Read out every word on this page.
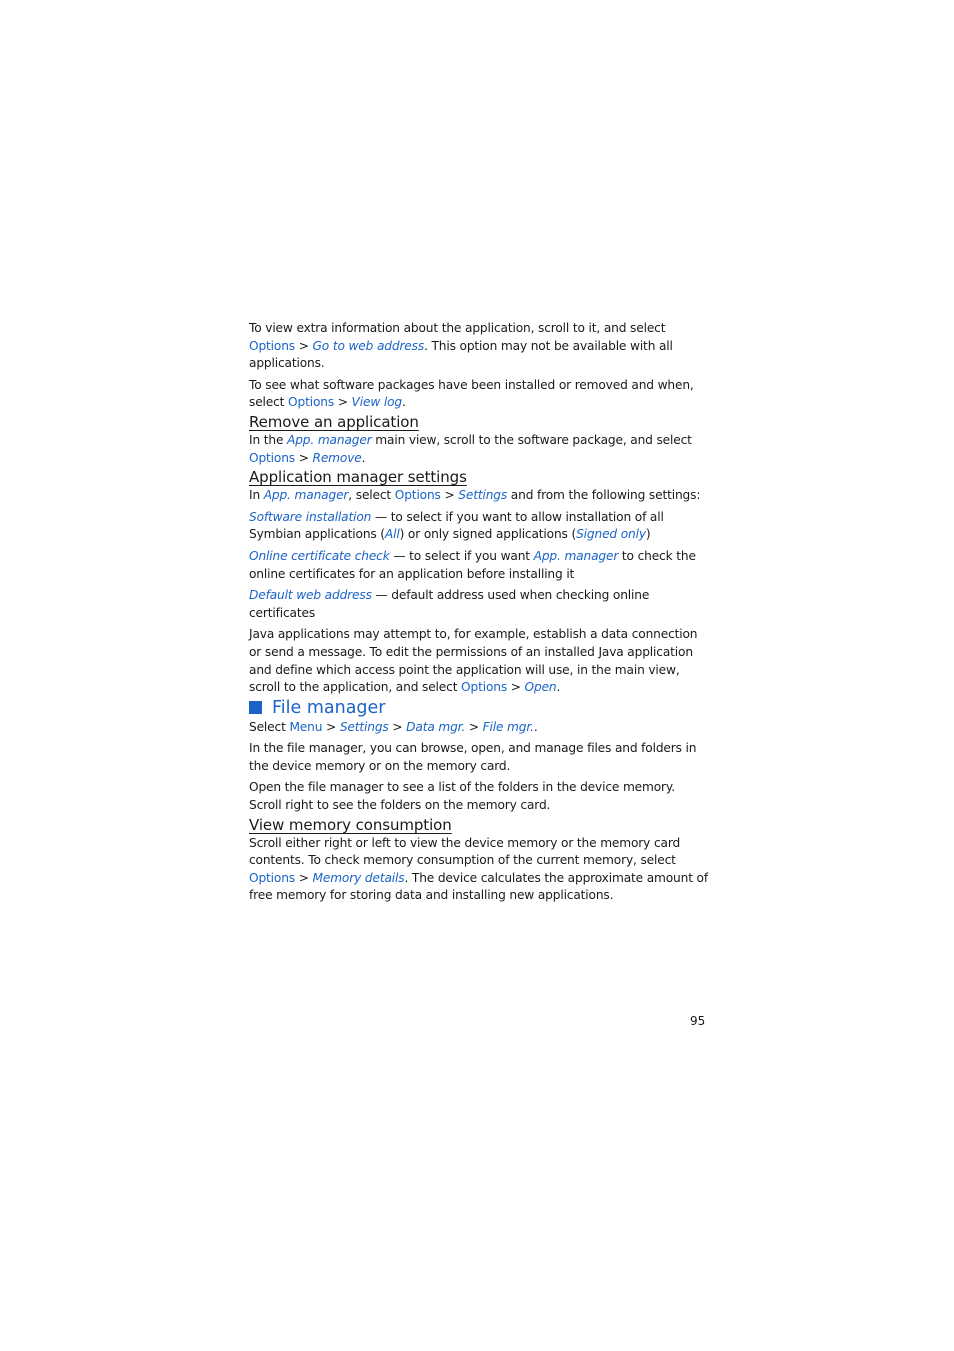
To view extra information about the application, scroll to it, and select Options > Go to web address. This option may not be available with all applications.

To see what software packages have been installed or removed and when, select Options > View log.

Remove an application

In the App. manager main view, scroll to the software package, and select Options > Remove.

Application manager settings

In App. manager, select Options > Settings and from the following settings:

Software installation — to select if you want to allow installation of all Symbian applications (All) or only signed applications (Signed only)

Online certificate check — to select if you want App. manager to check the online certificates for an application before installing it

Default web address — default address used when checking online certificates

Java applications may attempt to, for example, establish a data connection or send a message. To edit the permissions of an installed Java application and define which access point the application will use, in the main view, scroll to the application, and select Options > Open.

File manager

Select Menu > Settings > Data mgr. > File mgr..

In the file manager, you can browse, open, and manage files and folders in the device memory or on the memory card.

Open the file manager to see a list of the folders in the device memory. Scroll right to see the folders on the memory card.

View memory consumption

Scroll either right or left to view the device memory or the memory card contents. To check memory consumption of the current memory, select Options > Memory details. The device calculates the approximate amount of free memory for storing data and installing new applications.

95
